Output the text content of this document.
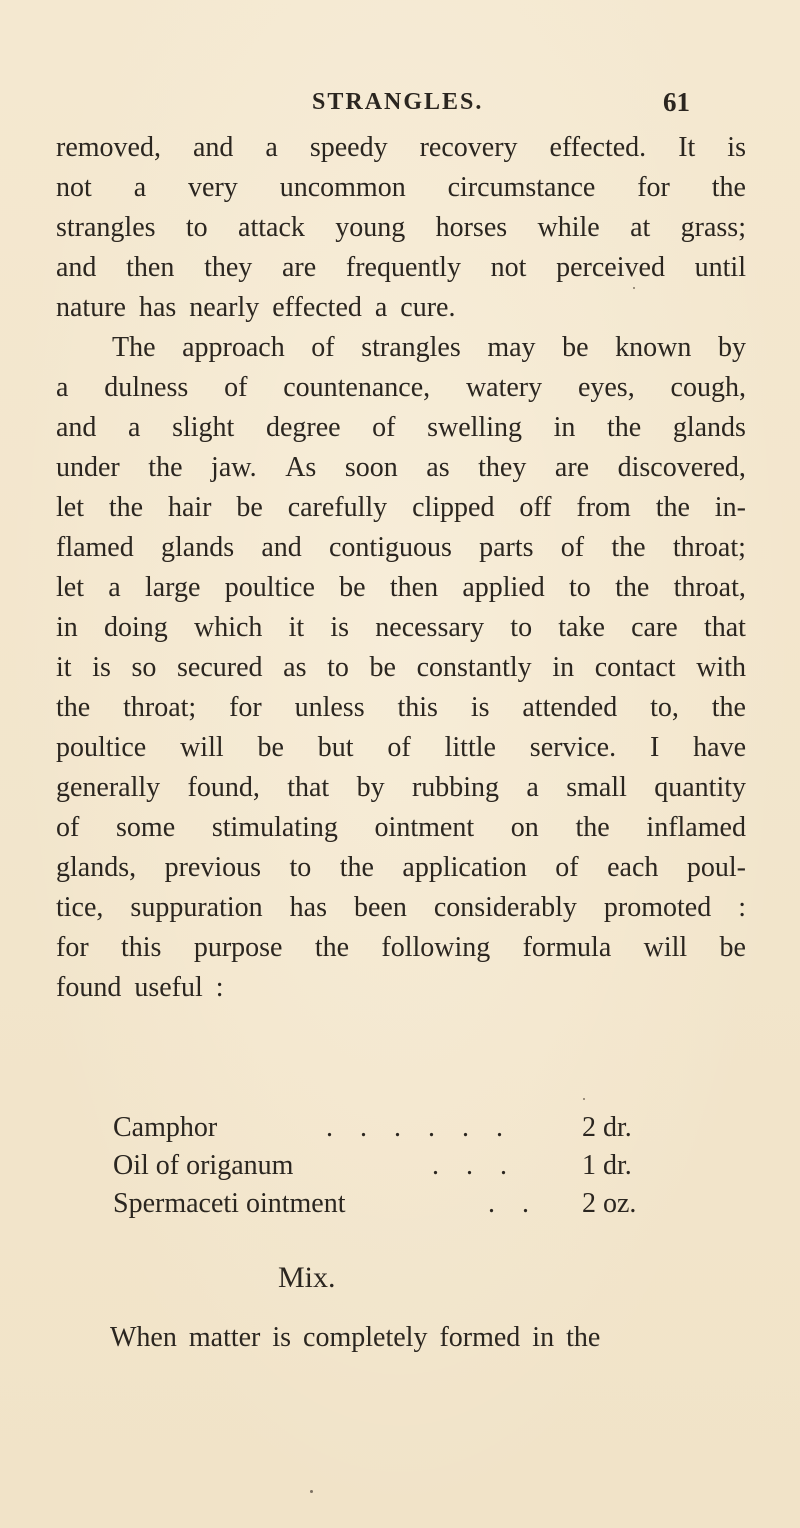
STRANGLES.	61
removed, and a speedy recovery effected. It is
not a very uncommon circumstance for the
strangles to attack young horses while at grass;
and then they are frequently not perceived until
nature has nearly effected a cure.
The approach of strangles may be known by
a dulness of countenance, watery eyes, cough,
and a slight degree of swelling in the glands
under the jaw. As soon as they are discovered,
let the hair be carefully clipped off from the in-
flamed glands and contiguous parts of the throat;
let a large poultice be then applied to the throat,
in doing which it is necessary to take care that
it is so secured as to be constantly in contact with
the throat; for unless this is attended to, the
poultice will be but of little service. I have
generally found, that by rubbing a small quantity
of some stimulating ointment on the inflamed
glands, previous to the application of each poul-
tice, suppuration has been considerably promoted :
for this purpose the following formula will be
found useful :
Camphor	. . . . . . 2 dr.
Oil of origanum	. . . 1 dr.
Spermaceti ointment	. . 2 oz.
Mix.
When matter is completely formed in the
